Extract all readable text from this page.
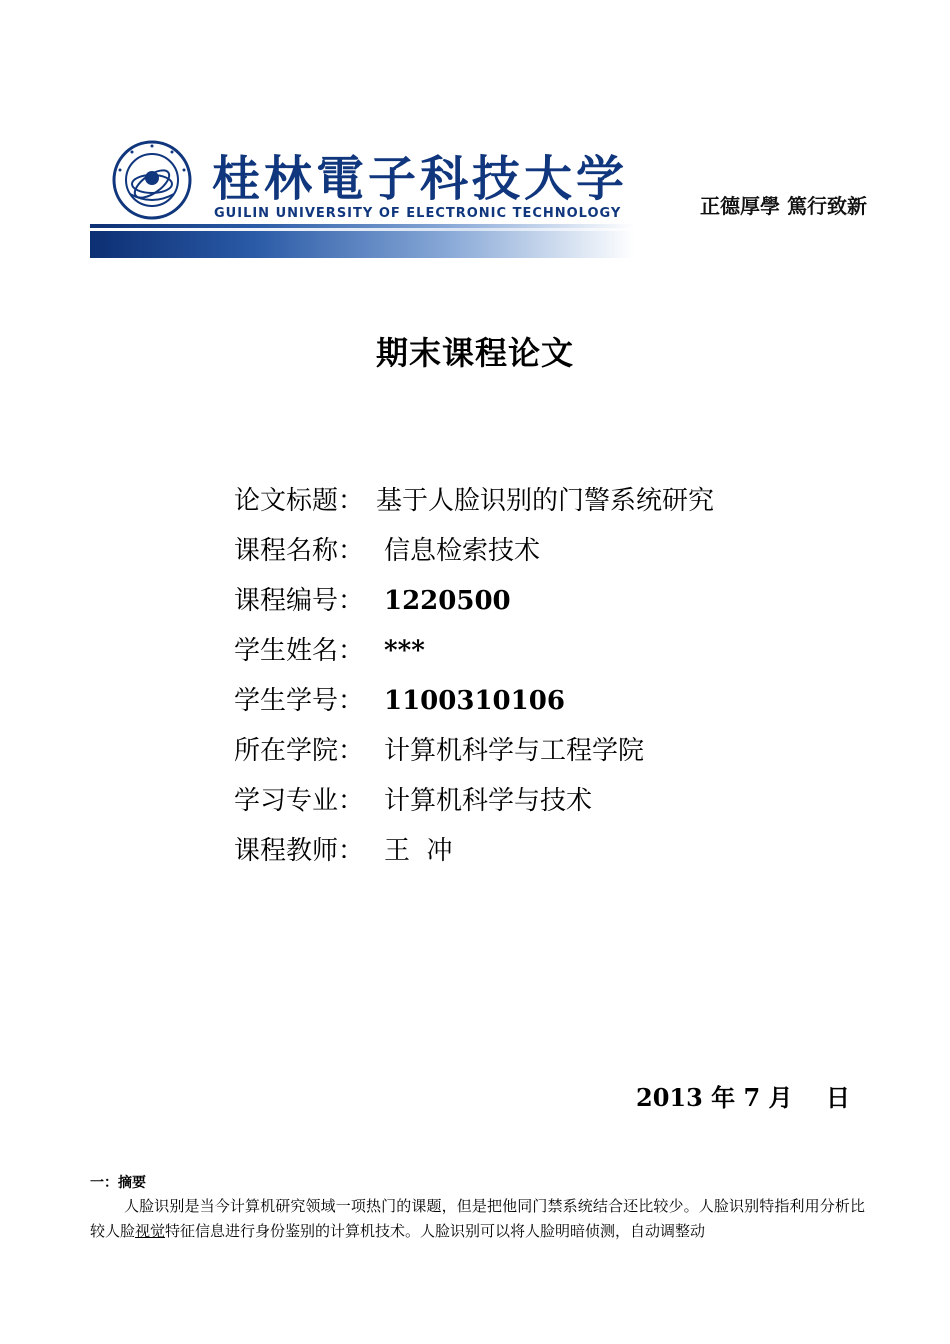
桂林電子科技大学
GUILIN UNIVERSITY OF ELECTRONIC TECHNOLOGY	正德厚學 篤行致新
期末课程论文
论文标题： 基于人脸识别的门警系统研究
课程名称： 信息检索技术
课程编号： 1220500
学生姓名： ***
学生学号： 1100310106
所在学院： 计算机科学与工程学院
学习专业： 计算机科学与技术
课程教师： 王  冲
2013 年 7 月    日
一：摘要
人脸识别是当今计算机研究领域一项热门的课题，但是把他同门禁系统结合还比较少。人脸识别特指利用分析比较人脸视觉特征信息进行身份鉴别的计算机技术。人脸识别可以将人脸明暗侦测，自动调整动
